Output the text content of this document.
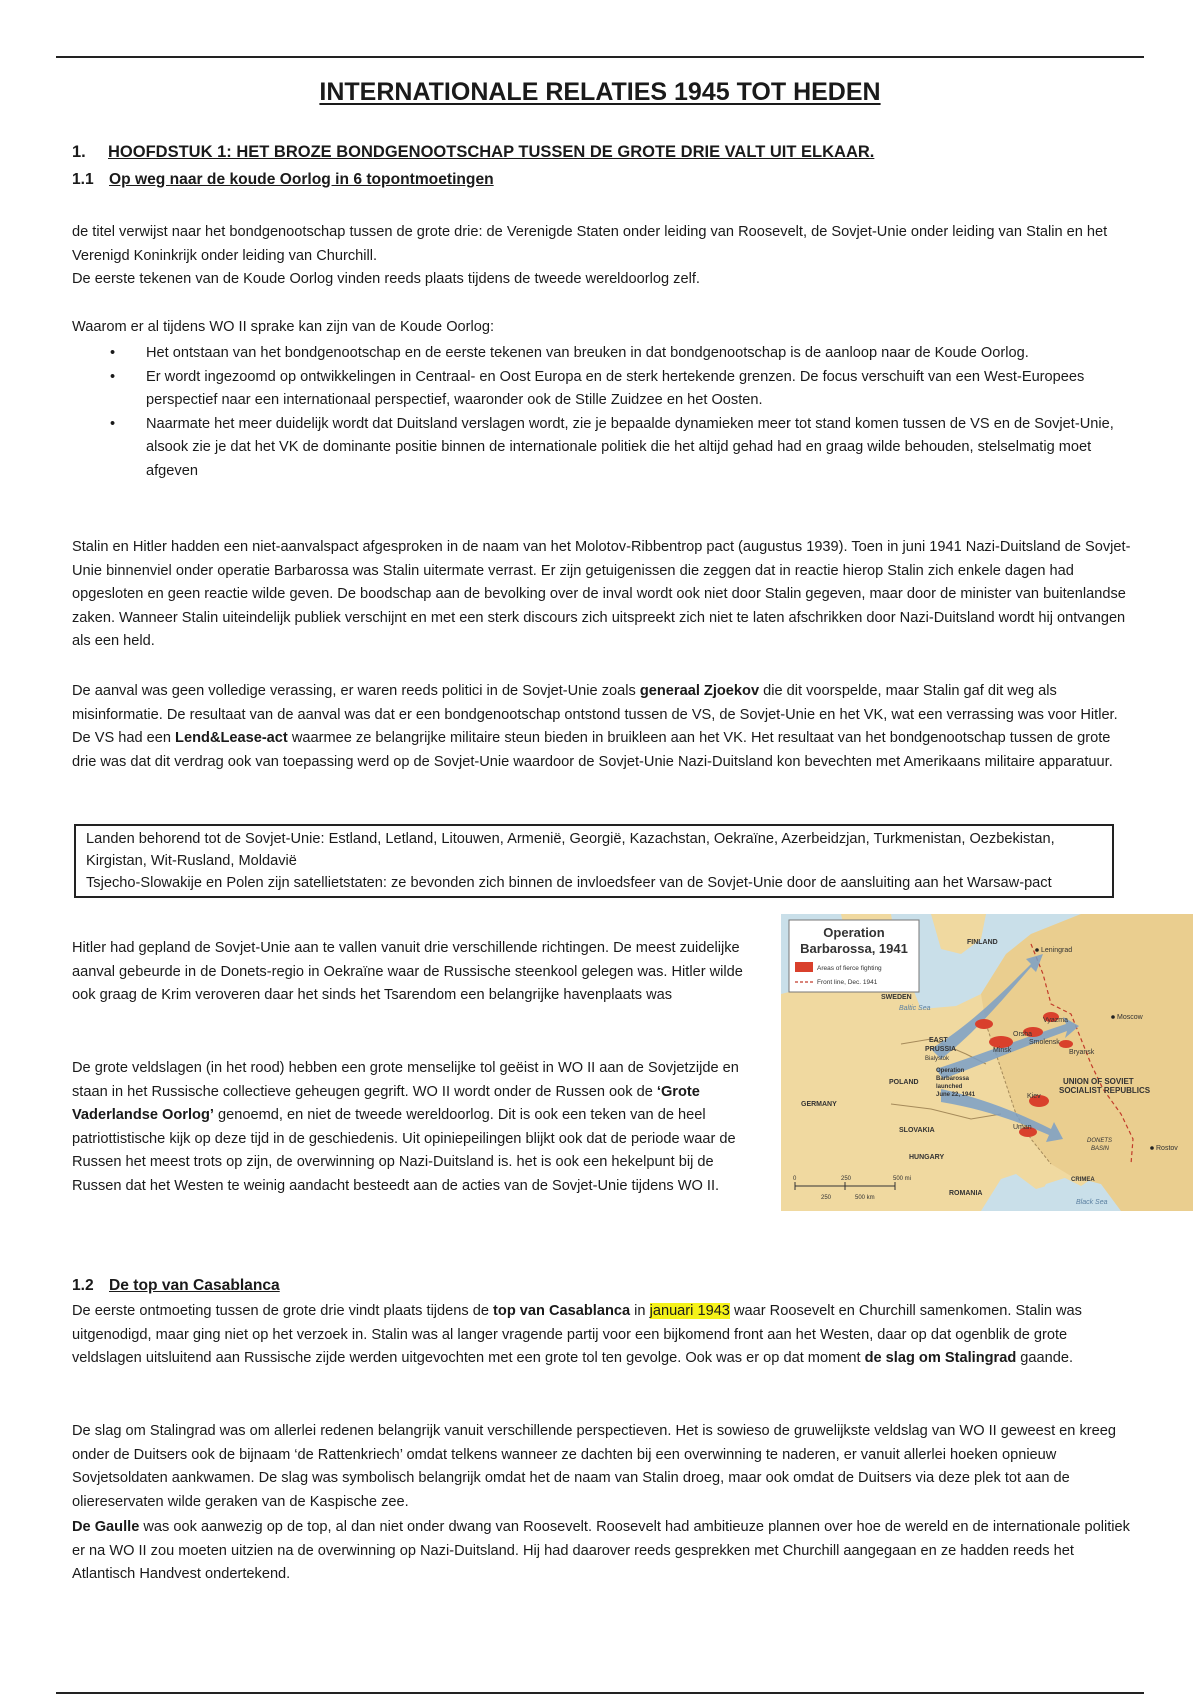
INTERNATIONALE RELATIES 1945 TOT HEDEN
1. HOOFDSTUK 1: HET BROZE BONDGENOOTSCHAP TUSSEN DE GROTE DRIE VALT UIT ELKAAR.
1.1 Op weg naar de koude Oorlog in 6 topontmoetingen
de titel verwijst naar het bondgenootschap tussen de grote drie: de Verenigde Staten onder leiding van Roosevelt, de Sovjet-Unie onder leiding van Stalin en het Verenigd Koninkrijk onder leiding van Churchill.
De eerste tekenen van de Koude Oorlog vinden reeds plaats tijdens de tweede wereldoorlog zelf.
Waarom er al tijdens WO II sprake kan zijn van de Koude Oorlog:
• Het ontstaan van het bondgenootschap en de eerste tekenen van breuken in dat bondgenootschap is de aanloop naar de Koude Oorlog.
• Er wordt ingezoomd op ontwikkelingen in Centraal- en Oost Europa en de sterk hertekende grenzen. De focus verschuift van een West-Europees perspectief naar een internationaal perspectief, waaronder ook de Stille Zuidzee en het Oosten.
• Naarmate het meer duidelijk wordt dat Duitsland verslagen wordt, zie je bepaalde dynamieken meer tot stand komen tussen de VS en de Sovjet-Unie, alsook zie je dat het VK de dominante positie binnen de internationale politiek die het altijd gehad had en graag wilde behouden, stelselmatig moet afgeven
Stalin en Hitler hadden een niet-aanvalspact afgesproken in de naam van het Molotov-Ribbentrop pact (augustus 1939). Toen in juni 1941 Nazi-Duitsland de Sovjet-Unie binnenviel onder operatie Barbarossa was Stalin uitermate verrast. Er zijn getuigenissen die zeggen dat in reactie hierop Stalin zich enkele dagen had opgesloten en geen reactie wilde geven. De boodschap aan de bevolking over de inval wordt ook niet door Stalin gegeven, maar door de minister van buitenlandse zaken. Wanneer Stalin uiteindelijk publiek verschijnt en met een sterk discours zich uitspreekt zich niet te laten afschrikken door Nazi-Duitsland wordt hij ontvangen als een held.
De aanval was geen volledige verassing, er waren reeds politici in de Sovjet-Unie zoals generaal Zjoekov die dit voorspelde, maar Stalin gaf dit weg als misinformatie. De resultaat van de aanval was dat er een bondgenootschap ontstond tussen de VS, de Sovjet-Unie en het VK, wat een verrassing was voor Hitler. De VS had een Lend&Lease-act waarmee ze belangrijke militaire steun bieden in bruikleen aan het VK. Het resultaat van het bondgenootschap tussen de grote drie was dat dit verdrag ook van toepassing werd op de Sovjet-Unie waardoor de Sovjet-Unie Nazi-Duitsland kon bevechten met Amerikaans militaire apparatuur.
Landen behorend tot de Sovjet-Unie: Estland, Letland, Litouwen, Armenië, Georgië, Kazachstan, Oekraïne, Azerbeidzjan, Turkmenistan, Oezbekistan, Kirgistan, Wit-Rusland, Moldavië
Tsjecho-Slowakije en Polen zijn satellietstaten: ze bevonden zich binnen de invloedsfeer van de Sovjet-Unie door de aansluiting aan het Warsaw-pact
Hitler had gepland de Sovjet-Unie aan te vallen vanuit drie verschillende richtingen. De meest zuidelijke aanval gebeurde in de Donets-regio in Oekraïne waar de Russische steenkool gelegen was. Hitler wilde ook graag de Krim veroveren daar het sinds het Tsarendom een belangrijke havenplaats was
De grote veldslagen (in het rood) hebben een grote menselijke tol geëist in WO II aan de Sovjetzijde en staan in het Russische collectieve geheugen gegrift. WO II wordt onder de Russen ook de ‘Grote Vaderlandse Oorlog’ genoemd, en niet de tweede wereldoorlog. Dit is ook een teken van de heel patriottistische kijk op deze tijd in de geschiedenis. Uit opiniepeilingen blijkt ook dat de periode waar de Russen het meest trots op zijn, de overwinning op Nazi-Duitsland is. het is ook een hekelpunt bij de Russen dat het Westen te weinig aandacht besteedt aan de acties van de Sovjet-Unie tijdens WO II.
Operation
Barbarossa, 1941
Areas of fierce fighting
Front line, Dec. 1941
FINLAND
Leningrad
SWEDEN
Baltic Sea
Moscow
Vyazma
Orsha
Smolensk
Minsk	Bryansk
EAST
PRUSSIA
Bialystok
POLAND
GERMANY
Operation
Barbarossa
launched
June 22, 1941	Kiev
UNION OF SOVIET
SOCIALIST REPUBLICS
SLOVAKIA	Uman
DONETS
BASIN
HUNGARY
Rostov
CRIMEA
ROMANIA
Black Sea
0	250	500 mi
250	500 km
1.2 De top van Casablanca
De eerste ontmoeting tussen de grote drie vindt plaats tijdens de top van Casablanca in januari 1943 waar Roosevelt en Churchill samenkomen. Stalin was uitgenodigd, maar ging niet op het verzoek in. Stalin was al langer vragende partij voor een bijkomend front aan het Westen, daar op dat ogenblik de grote veldslagen uitsluitend aan Russische zijde werden uitgevochten met een grote tol ten gevolge. Ook was er op dat moment de slag om Stalingrad gaande.
De slag om Stalingrad was om allerlei redenen belangrijk vanuit verschillende perspectieven. Het is sowieso de gruwelijkste veldslag van WO II geweest en kreeg onder de Duitsers ook de bijnaam ‘de Rattenkriech’ omdat telkens wanneer ze dachten bij een overwinning te naderen, er vanuit allerlei hoeken opnieuw Sovjetsoldaten aankwamen. De slag was symbolisch belangrijk omdat het de naam van Stalin droeg, maar ook omdat de Duitsers via deze plek tot aan de oliereservaten wilde geraken van de Kaspische zee.
De Gaulle was ook aanwezig op de top, al dan niet onder dwang van Roosevelt. Roosevelt had ambitieuze plannen over hoe de wereld en de internationale politiek er na WO II zou moeten uitzien na de overwinning op Nazi-Duitsland. Hij had daarover reeds gesprekken met Churchill aangegaan en ze hadden reeds het Atlantisch Handvest ondertekend.
